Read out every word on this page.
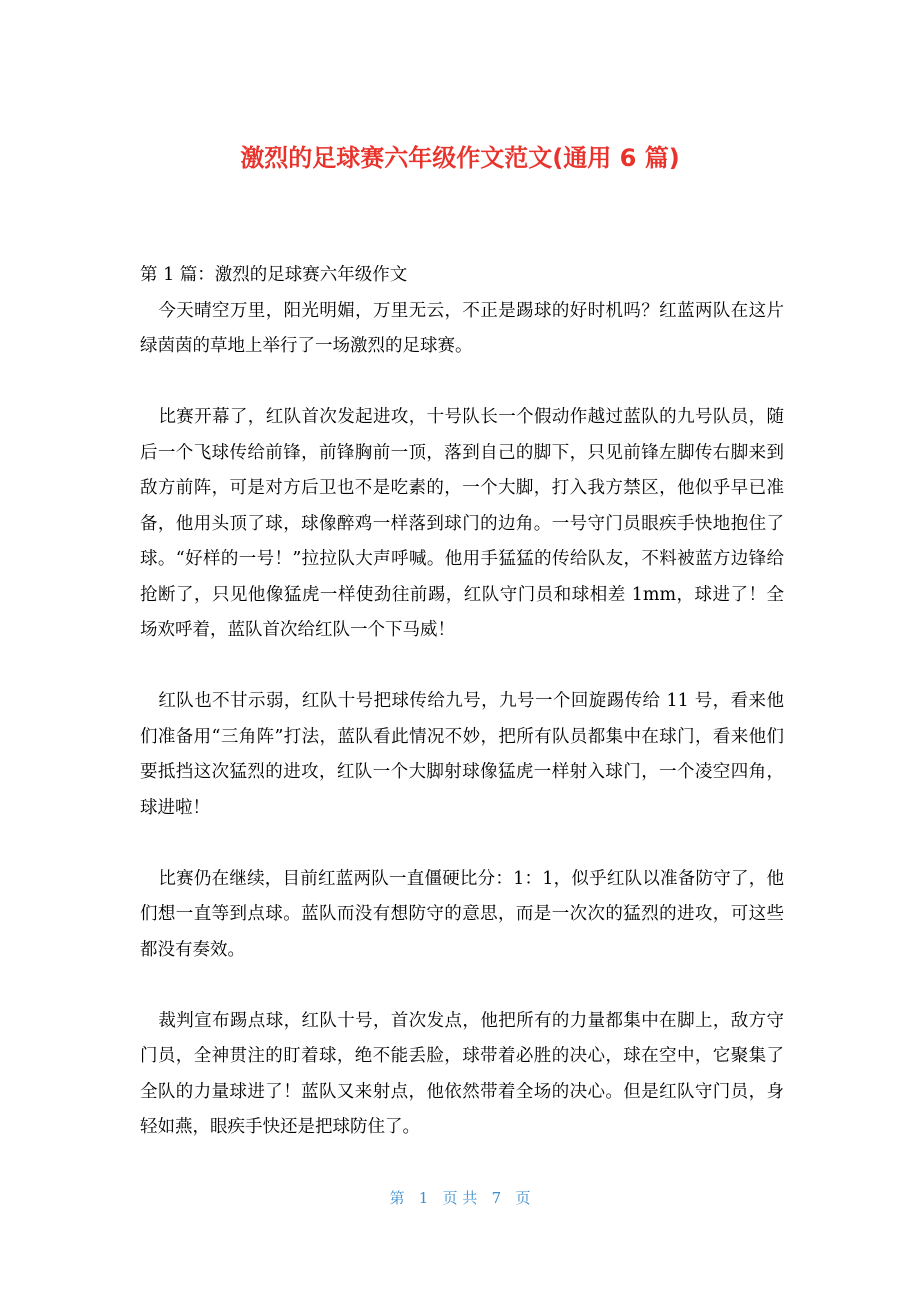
激烈的足球赛六年级作文范文(通用 6 篇)

第 1 篇：激烈的足球赛六年级作文

今天晴空万里，阳光明媚，万里无云，不正是踢球的好时机吗？红蓝两队在这片绿茵茵的草地上举行了一场激烈的足球赛。

比赛开幕了，红队首次发起进攻，十号队长一个假动作越过蓝队的九号队员，随后一个飞球传给前锋，前锋胸前一顶，落到自己的脚下，只见前锋左脚传右脚来到敌方前阵，可是对方后卫也不是吃素的，一个大脚，打入我方禁区，他似乎早已准备，他用头顶了球，球像醉鸡一样落到球门的边角。一号守门员眼疾手快地抱住了球。“好样的一号！”拉拉队大声呼喊。他用手猛猛的传给队友，不料被蓝方边锋给抢断了，只见他像猛虎一样使劲往前踢，红队守门员和球相差 1mm，球进了！全场欢呼着，蓝队首次给红队一个下马威！

红队也不甘示弱，红队十号把球传给九号，九号一个回旋踢传给 11 号，看来他们准备用“三角阵”打法，蓝队看此情况不妙，把所有队员都集中在球门，看来他们要抵挡这次猛烈的进攻，红队一个大脚射球像猛虎一样射入球门，一个凌空四角，球进啦！

比赛仍在继续，目前红蓝两队一直僵硬比分：1：1，似乎红队以准备防守了，他们想一直等到点球。蓝队而没有想防守的意思，而是一次次的猛烈的进攻，可这些都没有奏效。

裁判宣布踢点球，红队十号，首次发点，他把所有的力量都集中在脚上，敌方守门员，全神贯注的盯着球，绝不能丢脸，球带着必胜的决心，球在空中，它聚集了全队的力量球进了！蓝队又来射点，他依然带着全场的决心。但是红队守门员，身轻如燕，眼疾手快还是把球防住了。

第   1   页 共   7   页
